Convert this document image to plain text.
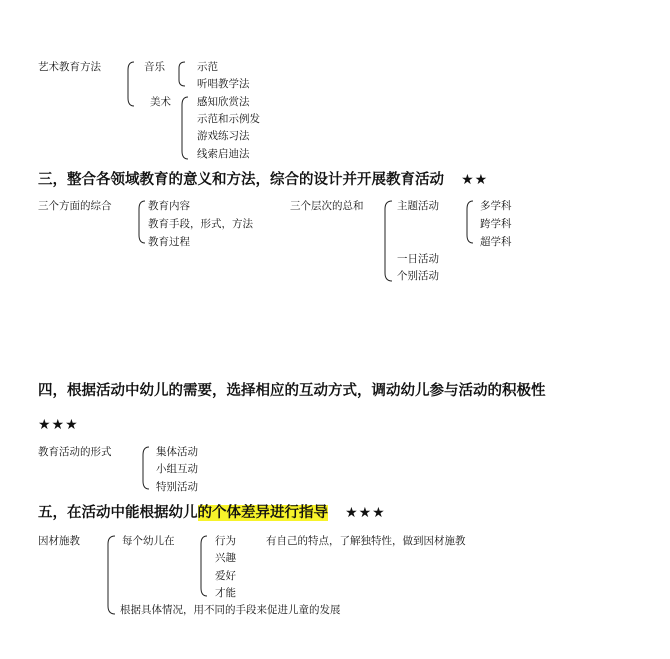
艺术教育方法	音乐	示范
听唱教学法
美术 感知欣赏法
示范和示例发
游戏练习法
线索启迪法
三，整合各领域教育的意义和方法，综合的设计并开展教育活动 ★★
三个方面的综合	教育内容
教育手段，形式，方法
教育过程
三个层次的总和	主题活动	多学科
跨学科
超学科
一日活动
个别活动
四，根据活动中幼儿的需要，选择相应的互动方式，调动幼儿参与活动的积极性
★★★
教育活动的形式	集体活动
小组互动
特别活动
五，在活动中能根据幼儿的个体差异进行指导 ★★★
因材施教	每个幼儿在	行为
兴趣
爱好
才能
有自己的特点，了解独特性，做到因材施教
根据具体情况，用不同的手段来促进儿童的发展
